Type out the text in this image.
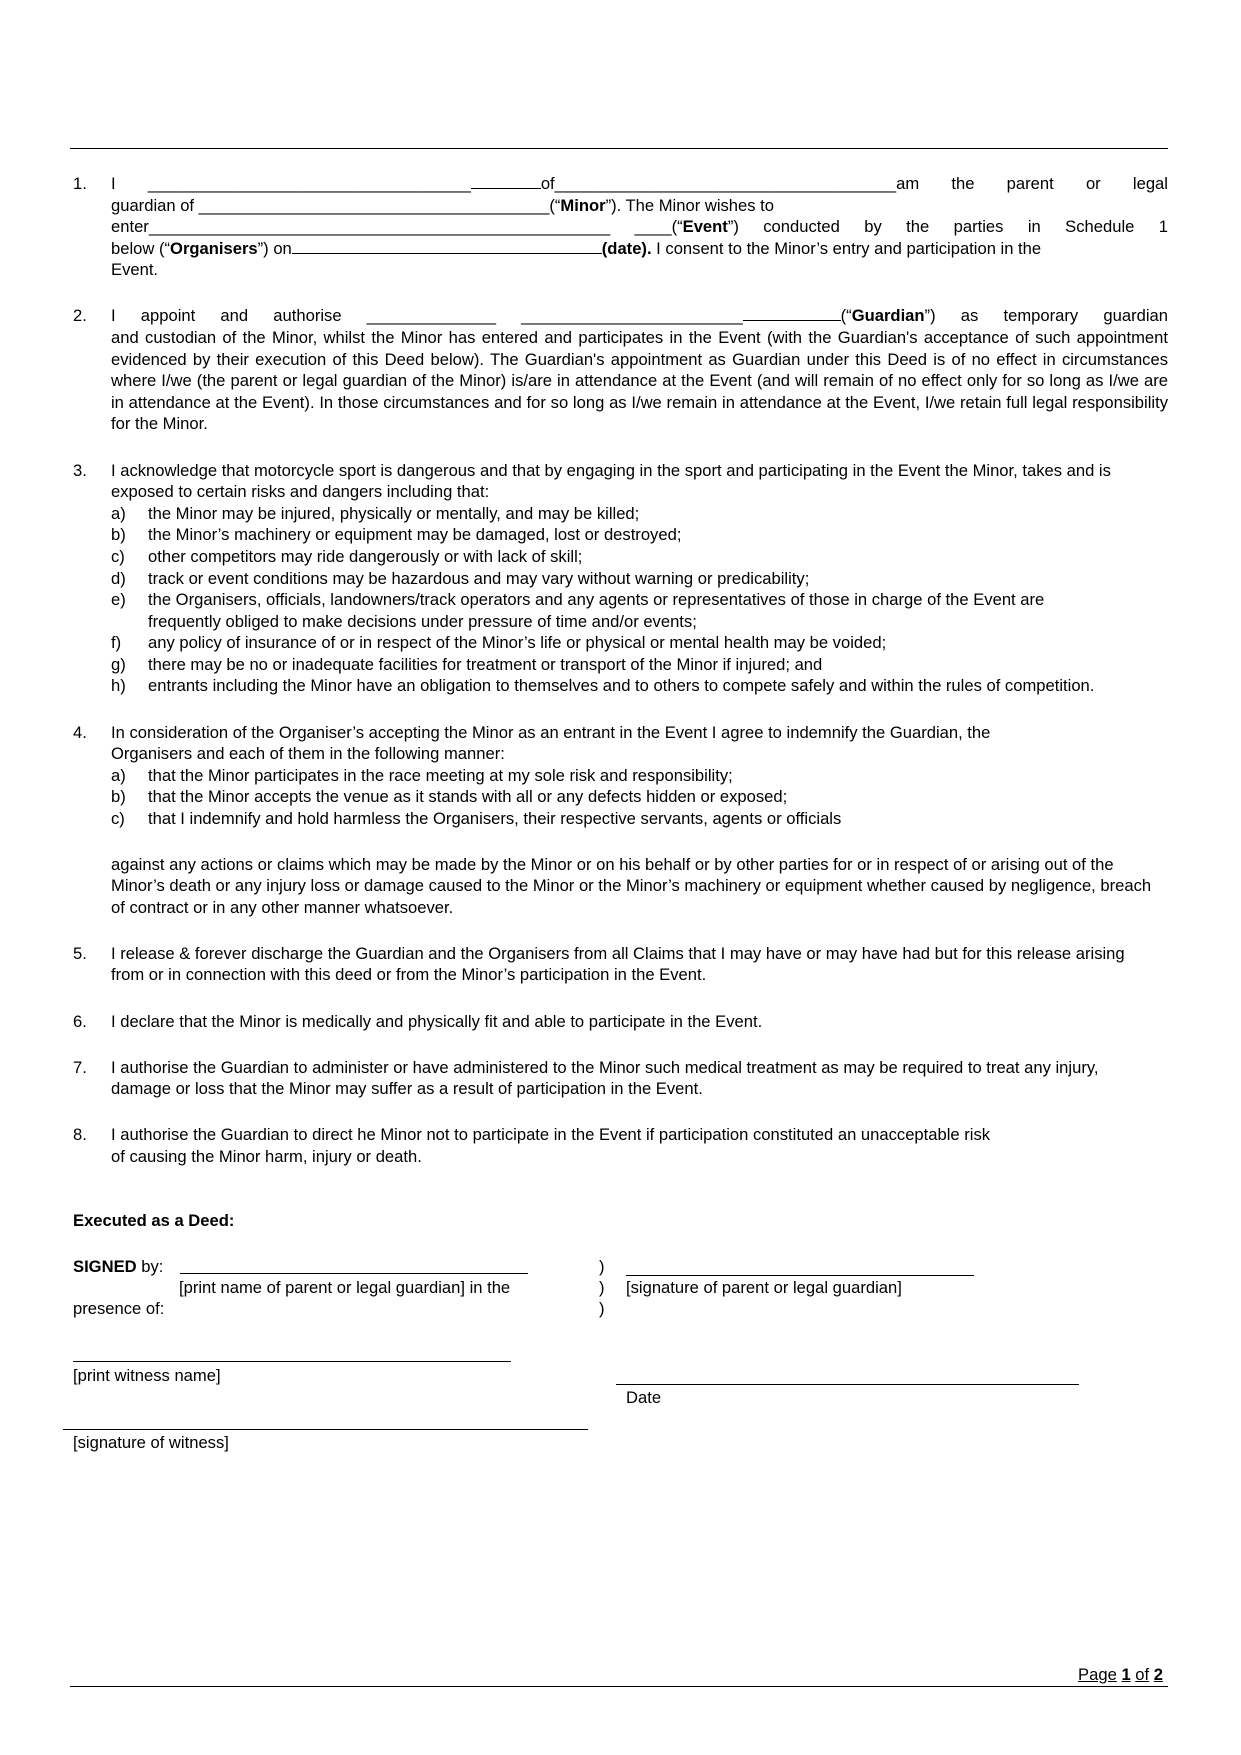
1. I ___________________________________	of_____________________________________am the parent or legal
guardian of ______________________________________(“Minor”). The Minor wishes to
enter__________________________________________________ ____(“Event”) conducted by the parties in Schedule 1
below (“Organisers”) on	(date). I consent to the Minor’s entry and participation in the
Event.
2. I appoint and authorise ______________ ________________________	(“Guardian”) as temporary guardian
and custodian of the Minor, whilst the Minor has entered and participates in the Event (with the Guardian's acceptance of such appointment evidenced by their execution of this Deed below). The Guardian's appointment as Guardian under this Deed is of no effect in circumstances where I/we (the parent or legal guardian of the Minor) is/are in attendance at the Event (and will remain of no effect only for so long as I/we are in attendance at the Event). In those circumstances and for so long as I/we remain in attendance at the Event, I/we retain full legal responsibility for the Minor.
3. I acknowledge that motorcycle sport is dangerous and that by engaging in the sport and participating in the Event the Minor, takes and is exposed to certain risks and dangers including that:
a) the Minor may be injured, physically or mentally, and may be killed;
b) the Minor’s machinery or equipment may be damaged, lost or destroyed;
c) other competitors may ride dangerously or with lack of skill;
d) track or event conditions may be hazardous and may vary without warning or predicability;
e) the Organisers, officials, landowners/track operators and any agents or representatives of those in charge of the Event are frequently obliged to make decisions under pressure of time and/or events;
f) any policy of insurance of or in respect of the Minor’s life or physical or mental health may be voided;
g) there may be no or inadequate facilities for treatment or transport of the Minor if injured; and
h) entrants including the Minor have an obligation to themselves and to others to compete safely and within the rules of competition.
4. In consideration of the Organiser’s accepting the Minor as an entrant in the Event I agree to indemnify the Guardian, the Organisers and each of them in the following manner:
a) that the Minor participates in the race meeting at my sole risk and responsibility;
b) that the Minor accepts the venue as it stands with all or any defects hidden or exposed;
c) that I indemnify and hold harmless the Organisers, their respective servants, agents or officials
against any actions or claims which may be made by the Minor or on his behalf or by other parties for or in respect of or arising out of the Minor’s death or any injury loss or damage caused to the Minor or the Minor’s machinery or equipment whether caused by negligence, breach of contract or in any other manner whatsoever.
5. I release & forever discharge the Guardian and the Organisers from all Claims that I may have or may have had but for this release arising from or in connection with this deed or from the Minor’s participation in the Event.
6. I declare that the Minor is medically and physically fit and able to participate in the Event.
7. I authorise the Guardian to administer or have administered to the Minor such medical treatment as may be required to treat any injury, damage or loss that the Minor may suffer as a result of participation in the Event.
8. I authorise the Guardian to direct he Minor not to participate in the Event if participation constituted an unacceptable risk of causing the Minor harm, injury or death.
Executed as a Deed:
SIGNED by:
[print name of parent or legal guardian] in the
presence of:
)
)
)
[signature of parent or legal guardian]
[print witness name]
Date
[signature of witness]
Page 1 of 2
